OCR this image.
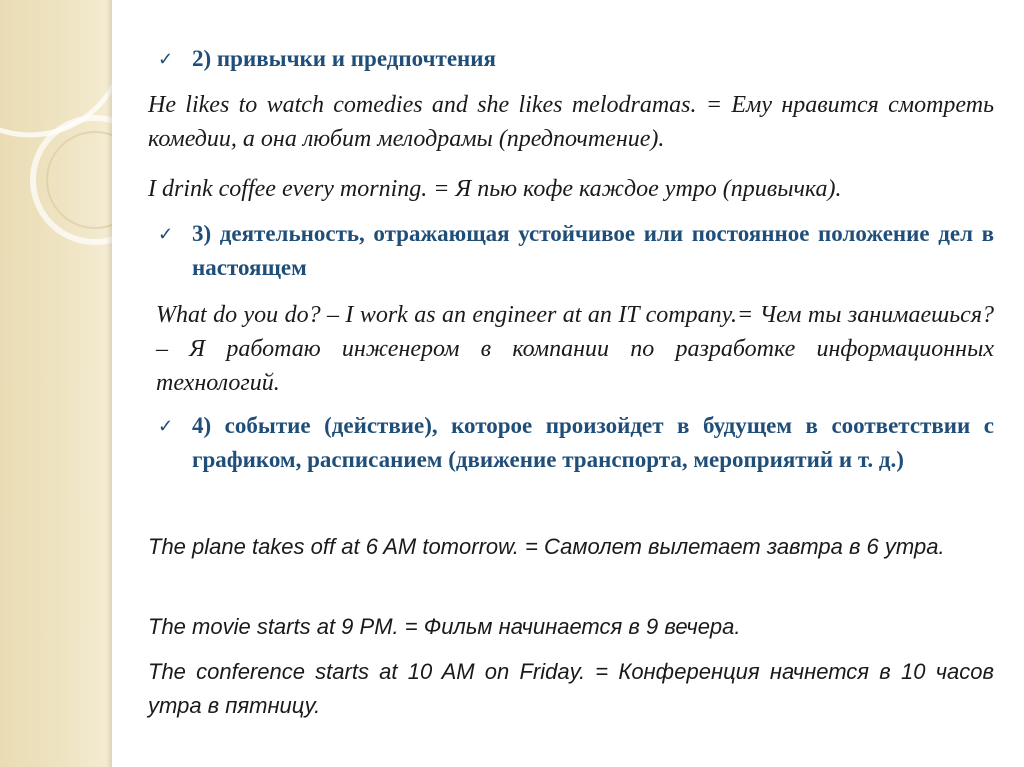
✓ 2) привычки и предпочтения
He likes to watch comedies and she likes melodramas. = Ему нравится смотреть комедии, а она любит мелодрамы (предпочтение).
I drink coffee every morning. = Я пью кофе каждое утро (привычка).
✓ 3) деятельность, отражающая устойчивое или постоянное положение дел в настоящем
What do you do? – I work as an engineer at an IT company.= Чем ты занимаешься? – Я работаю инженером в компании по разработке информационных технологий.
✓ 4) событие (действие), которое произойдет в будущем в соответствии с графиком, расписанием (движение транспорта, мероприятий и т. д.)
The plane takes off at 6 AM tomorrow. = Самолет вылетает завтра в 6 утра.
The movie starts at 9 PM. = Фильм начинается в 9 вечера.
The conference starts at 10 AM on Friday. = Конференция начнется в 10 часов утра в пятницу.
